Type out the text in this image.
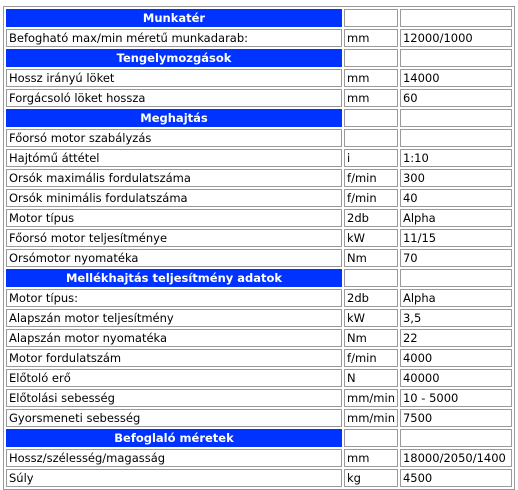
Munkatér		
Befogható max/min méretű munkadarab:	mm	12000/1000
Tengelymozgások		
Hossz irányú löket	mm	14000
Forgácsoló löket hossza	mm	60
Meghajtás		
Főorsó motor szabályzás		
Hajtómű áttétel	i	1:10
Orsók maximális fordulatszáma	f/min	300
Orsók minimális fordulatszáma	f/min	40
Motor típus	2db	Alpha
Főorsó motor teljesítménye	kW	11/15
Orsómotor nyomatéka	Nm	70
Mellékhajtás teljesítmény adatok		
Motor típus:	2db	Alpha
Alapszán motor teljesítmény	kW	3,5
Alapszán motor nyomatéka	Nm	22
Motor fordulatszám	f/min	4000
Előtoló erő	N	40000
Előtolási sebesség	mm/min	10 - 5000
Gyorsmeneti sebesség	mm/min	7500
Befoglaló méretek		
Hossz/szélesség/magasság	mm	18000/2050/1400
Súly	kg	4500
